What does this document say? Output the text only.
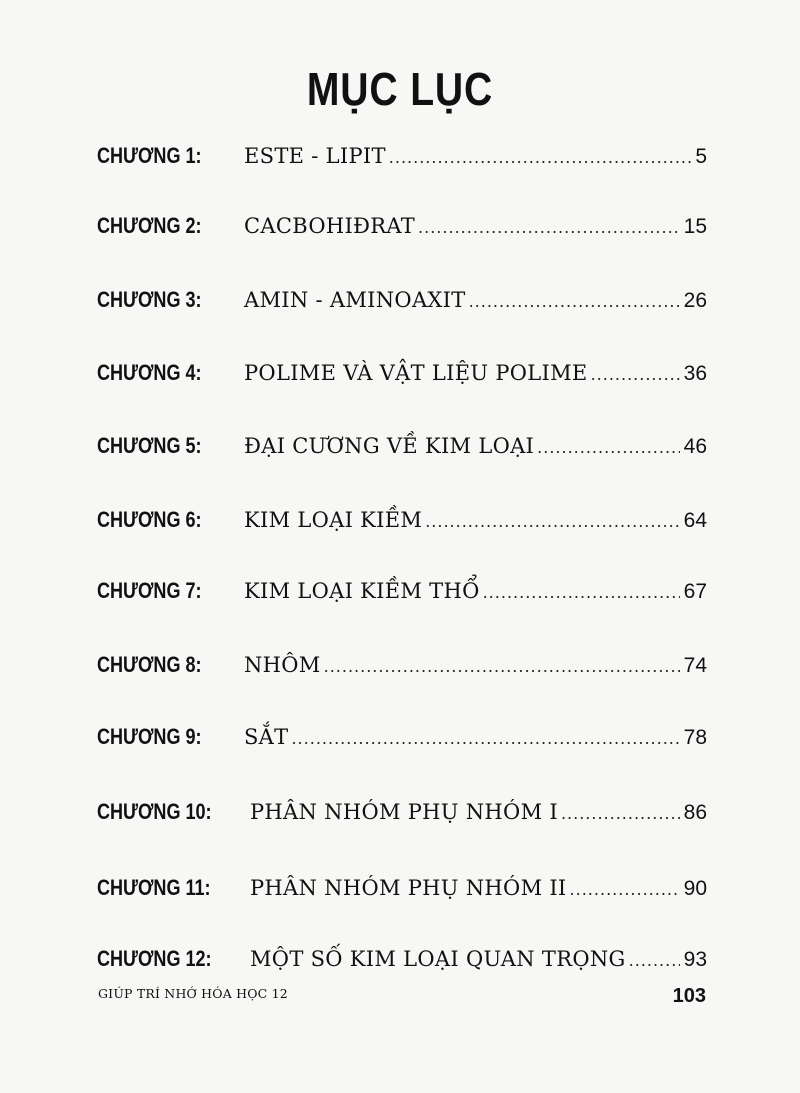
MỤC LỤC
CHƯƠNG 1:	ESTE - LIPIT .....	5
CHƯƠNG 2:	CACBOHIĐRAT .....	15
CHƯƠNG 3:	AMIN - AMINOAXIT .....	26
CHƯƠNG 4:	POLIME VÀ VẬT LIỆU POLIME .....	36
CHƯƠNG 5:	ĐẠI CƯƠNG VỀ KIM LOẠI .....	46
CHƯƠNG 6:	KIM LOẠI KIỀM .....	64
CHƯƠNG 7:	KIM LOẠI KIỀM THỔ .....	67
CHƯƠNG 8:	NHÔM .....	74
CHƯƠNG 9:	SẮT .....	78
CHƯƠNG 10:	PHÂN NHÓM PHỤ NHÓM I .....	86
CHƯƠNG 11:	PHÂN NHÓM PHỤ NHÓM II .....	90
CHƯƠNG 12:	MỘT SỐ KIM LOẠI QUAN TRỌNG .....	93
GIÚP TRÍ NHỚ HÓA HỌC 12	103
